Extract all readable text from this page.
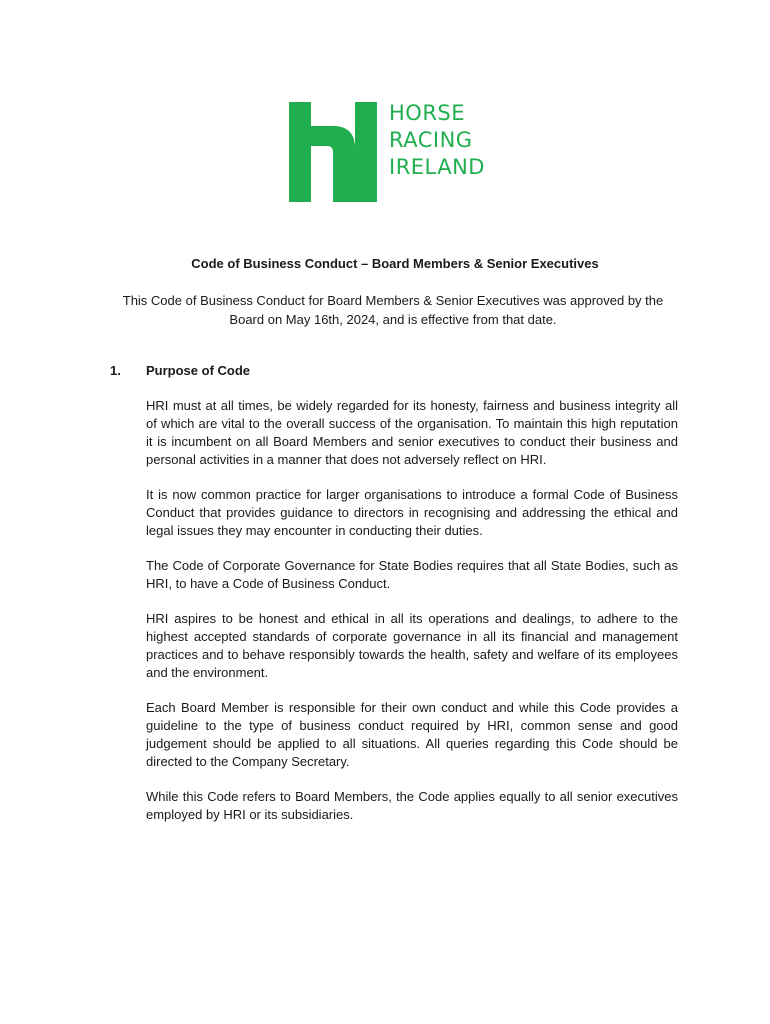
HORSE
RACING
IRELAND
Code of Business Conduct – Board Members & Senior Executives
This Code of Business Conduct for Board Members & Senior Executives was approved by the Board on May 16th, 2024, and is effective from that date.
1. Purpose of Code

HRI must at all times, be widely regarded for its honesty, fairness and business integrity all of which are vital to the overall success of the organisation. To maintain this high reputation it is incumbent on all Board Members and senior executives to conduct their business and personal activities in a manner that does not adversely reflect on HRI.

It is now common practice for larger organisations to introduce a formal Code of Business Conduct that provides guidance to directors in recognising and addressing the ethical and legal issues they may encounter in conducting their duties.

The Code of Corporate Governance for State Bodies requires that all State Bodies, such as HRI, to have a Code of Business Conduct.

HRI aspires to be honest and ethical in all its operations and dealings, to adhere to the highest accepted standards of corporate governance in all its financial and management practices and to behave responsibly towards the health, safety and welfare of its employees and the environment.

Each Board Member is responsible for their own conduct and while this Code provides a guideline to the type of business conduct required by HRI, common sense and good judgement should be applied to all situations. All queries regarding this Code should be directed to the Company Secretary.

While this Code refers to Board Members, the Code applies equally to all senior executives employed by HRI or its subsidiaries.
